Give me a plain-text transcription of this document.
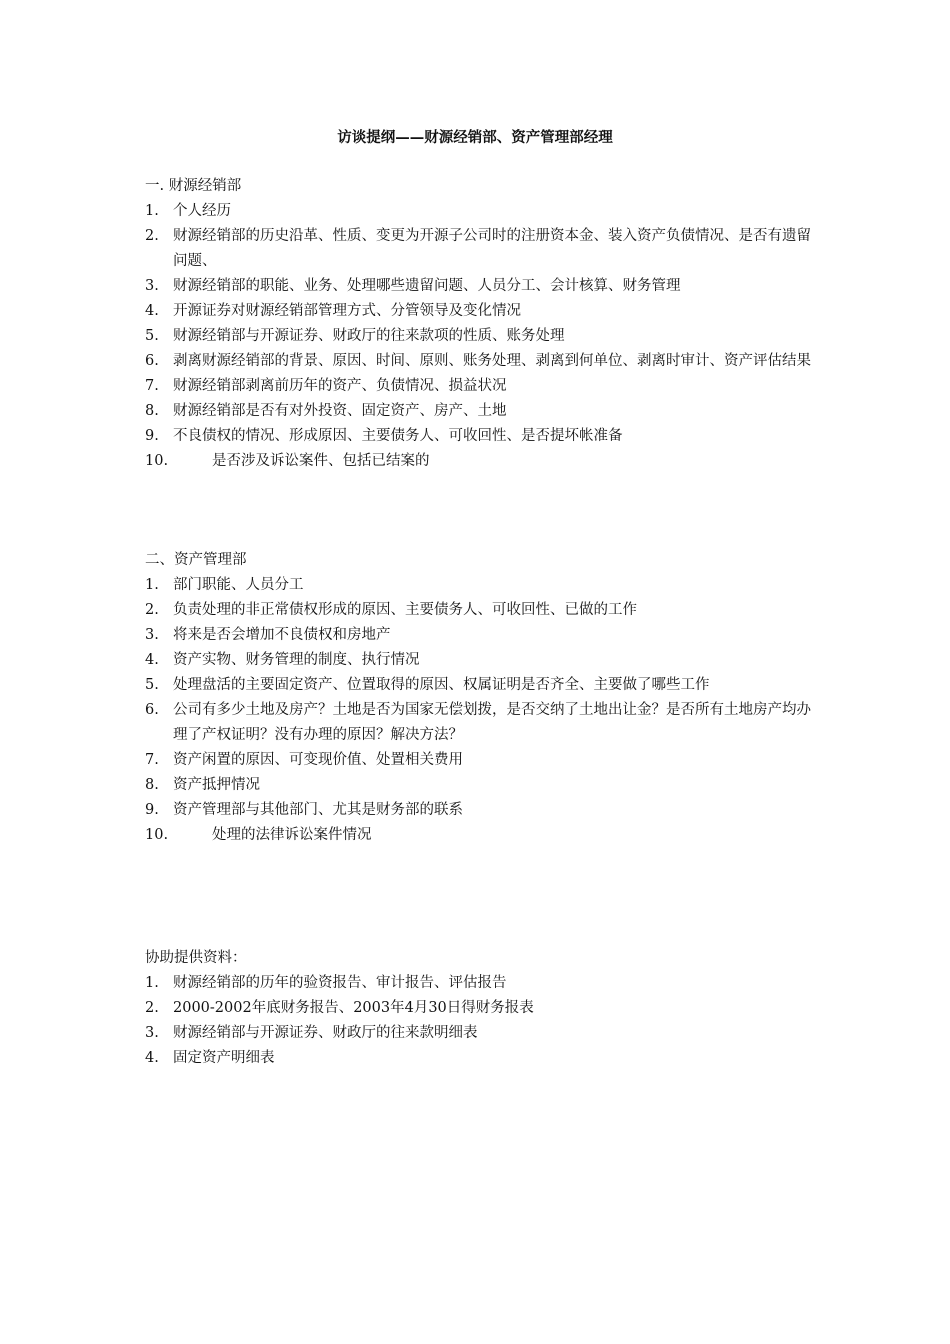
访谈提纲——财源经销部、资产管理部经理
一. 财源经销部
1. 个人经历
2. 财源经销部的历史沿革、性质、变更为开源子公司时的注册资本金、装入资产负债情况、是否有遗留问题、
3. 财源经销部的职能、业务、处理哪些遗留问题、人员分工、会计核算、财务管理
4. 开源证券对财源经销部管理方式、分管领导及变化情况
5. 财源经销部与开源证券、财政厅的往来款项的性质、账务处理
6. 剥离财源经销部的背景、原因、时间、原则、账务处理、剥离到何单位、剥离时审计、资产评估结果
7. 财源经销部剥离前历年的资产、负债情况、损益状况
8. 财源经销部是否有对外投资、固定资产、房产、土地
9. 不良债权的情况、形成原因、主要债务人、可收回性、是否提坏帐准备
10.	是否涉及诉讼案件、包括已结案的
二、资产管理部
1. 部门职能、人员分工
2. 负责处理的非正常债权形成的原因、主要债务人、可收回性、已做的工作
3. 将来是否会增加不良债权和房地产
4. 资产实物、财务管理的制度、执行情况
5. 处理盘活的主要固定资产、位置取得的原因、权属证明是否齐全、主要做了哪些工作
6. 公司有多少土地及房产？土地是否为国家无偿划拨，是否交纳了土地出让金？是否所有土地房产均办理了产权证明？没有办理的原因？解决方法？
7. 资产闲置的原因、可变现价值、处置相关费用
8. 资产抵押情况
9. 资产管理部与其他部门、尤其是财务部的联系
10.	处理的法律诉讼案件情况
协助提供资料：
1. 财源经销部的历年的验资报告、审计报告、评估报告
2. 2000-2002年底财务报告、2003年4月30日得财务报表
3. 财源经销部与开源证券、财政厅的往来款明细表
4. 固定资产明细表
